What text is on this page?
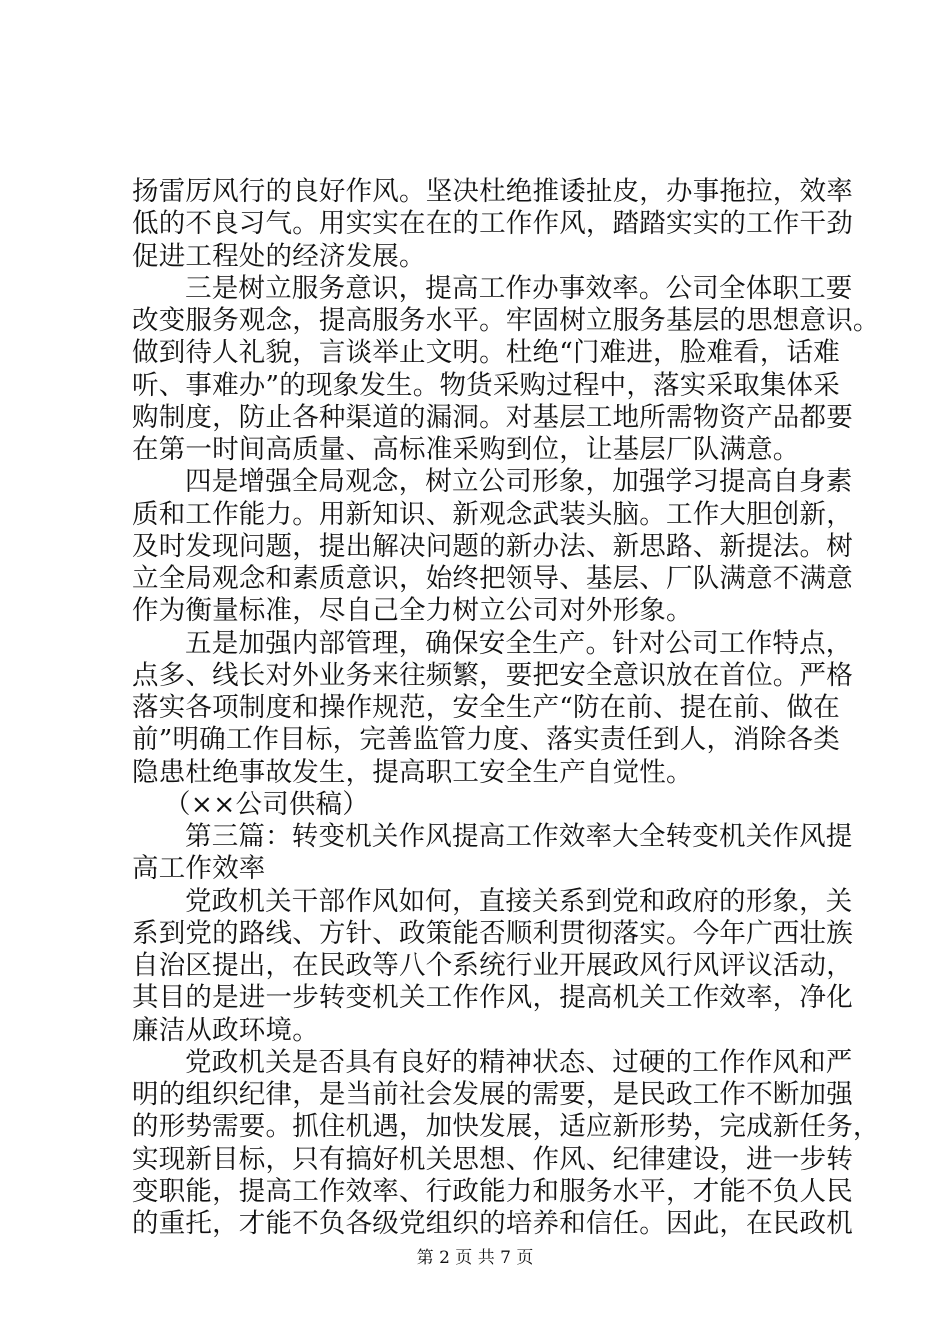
扬雷厉风行的良好作风。坚决杜绝推诿扯皮，办事拖拉，效率
低的不良习气。用实实在在的工作作风，踏踏实实的工作干劲
促进工程处的经济发展。
三是树立服务意识，提高工作办事效率。公司全体职工要
改变服务观念，提高服务水平。牢固树立服务基层的思想意识。
做到待人礼貌，言谈举止文明。杜绝“门难进，脸难看，话难
听、事难办”的现象发生。物货采购过程中，落实采取集体采
购制度，防止各种渠道的漏洞。对基层工地所需物资产品都要
在第一时间高质量、高标准采购到位，让基层厂队满意。
四是增强全局观念，树立公司形象，加强学习提高自身素
质和工作能力。用新知识、新观念武装头脑。工作大胆创新，
及时发现问题，提出解决问题的新办法、新思路、新提法。树
立全局观念和素质意识，始终把领导、基层、厂队满意不满意
作为衡量标准，尽自己全力树立公司对外形象。
五是加强内部管理，确保安全生产。针对公司工作特点，
点多、线长对外业务来往频繁，要把安全意识放在首位。严格
落实各项制度和操作规范，安全生产“防在前、提在前、做在
前”明确工作目标，完善监管力度、落实责任到人，消除各类
隐患杜绝事故发生，提高职工安全生产自觉性。
（××公司供稿）
第三篇：转变机关作风提高工作效率大全转变机关作风提
高工作效率
党政机关干部作风如何，直接关系到党和政府的形象，关
系到党的路线、方针、政策能否顺利贯彻落实。今年广西壮族
自治区提出，在民政等八个系统行业开展政风行风评议活动，
其目的是进一步转变机关工作作风，提高机关工作效率，净化
廉洁从政环境。
党政机关是否具有良好的精神状态、过硬的工作作风和严
明的组织纪律，是当前社会发展的需要，是民政工作不断加强
的形势需要。抓住机遇，加快发展，适应新形势，完成新任务，
实现新目标，只有搞好机关思想、作风、纪律建设，进一步转
变职能，提高工作效率、行政能力和服务水平，才能不负人民
的重托，才能不负各级党组织的培养和信任。因此，在民政机
第 2 页 共 7 页
